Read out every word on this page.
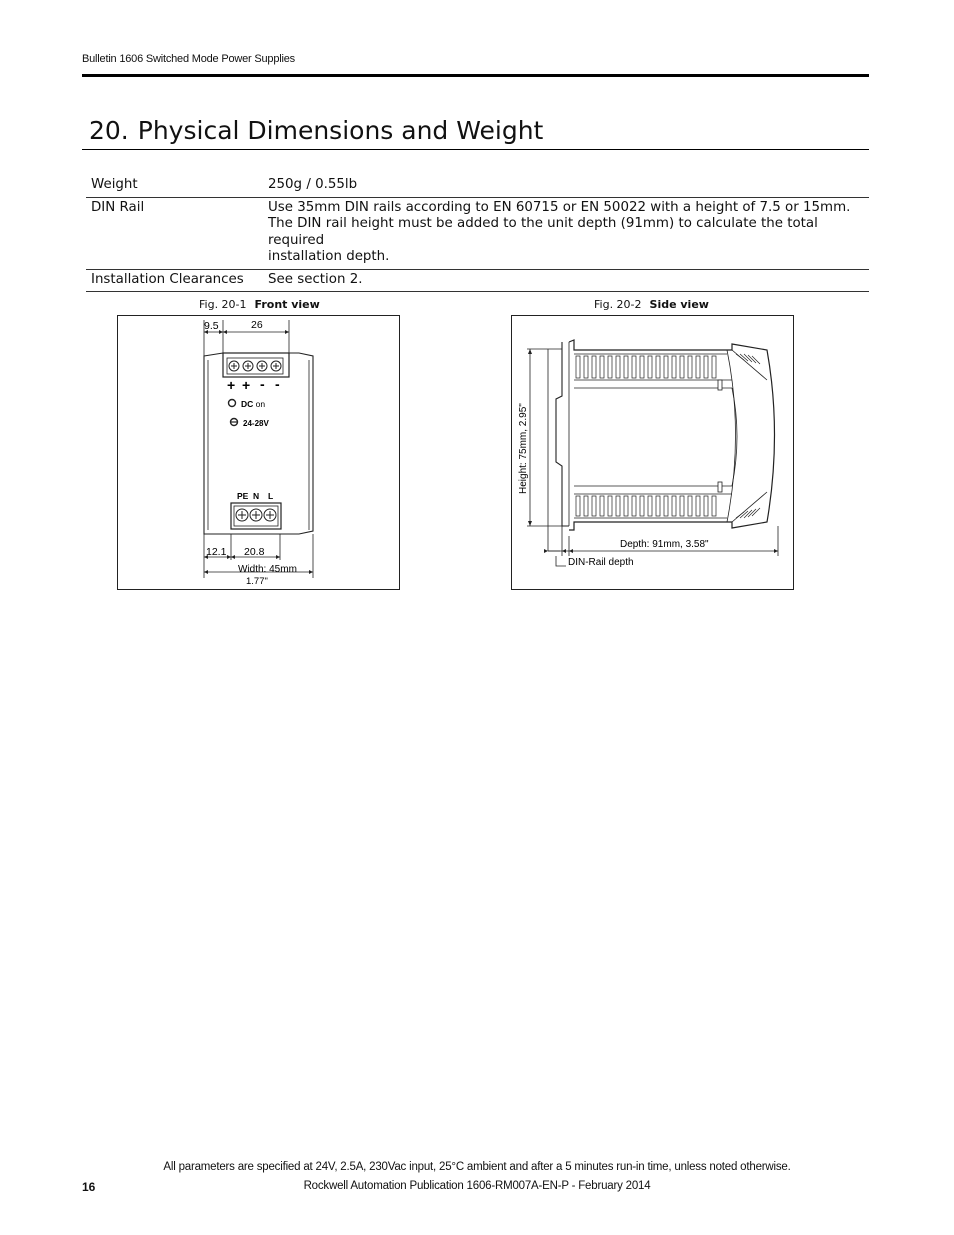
Bulletin 1606 Switched Mode Power Supplies
20. Physical Dimensions and Weight
Weight	250g / 0.55lb

DIN Rail	Use 35mm DIN rails according to EN 60715 or EN 50022 with a height of 7.5 or 15mm.
The DIN rail height must be added to the unit depth (91mm) to calculate the total required
installation depth.

Installation Clearances	See section 2.
Fig. 20-1 Front view
9.5	26
+ + - -
DC on
24-28V
PE N L
12.1 20.8
Width: 45mm
1.77"
Fig. 20-2 Side view
Height: 75mm, 2.95"
Depth: 91mm, 3.58"
DIN-Rail depth
All parameters are specified at 24V, 2.5A, 230Vac input, 25°C ambient and after a 5 minutes run-in time, unless noted otherwise.
16	Rockwell Automation Publication 1606-RM007A-EN-P - February 2014
